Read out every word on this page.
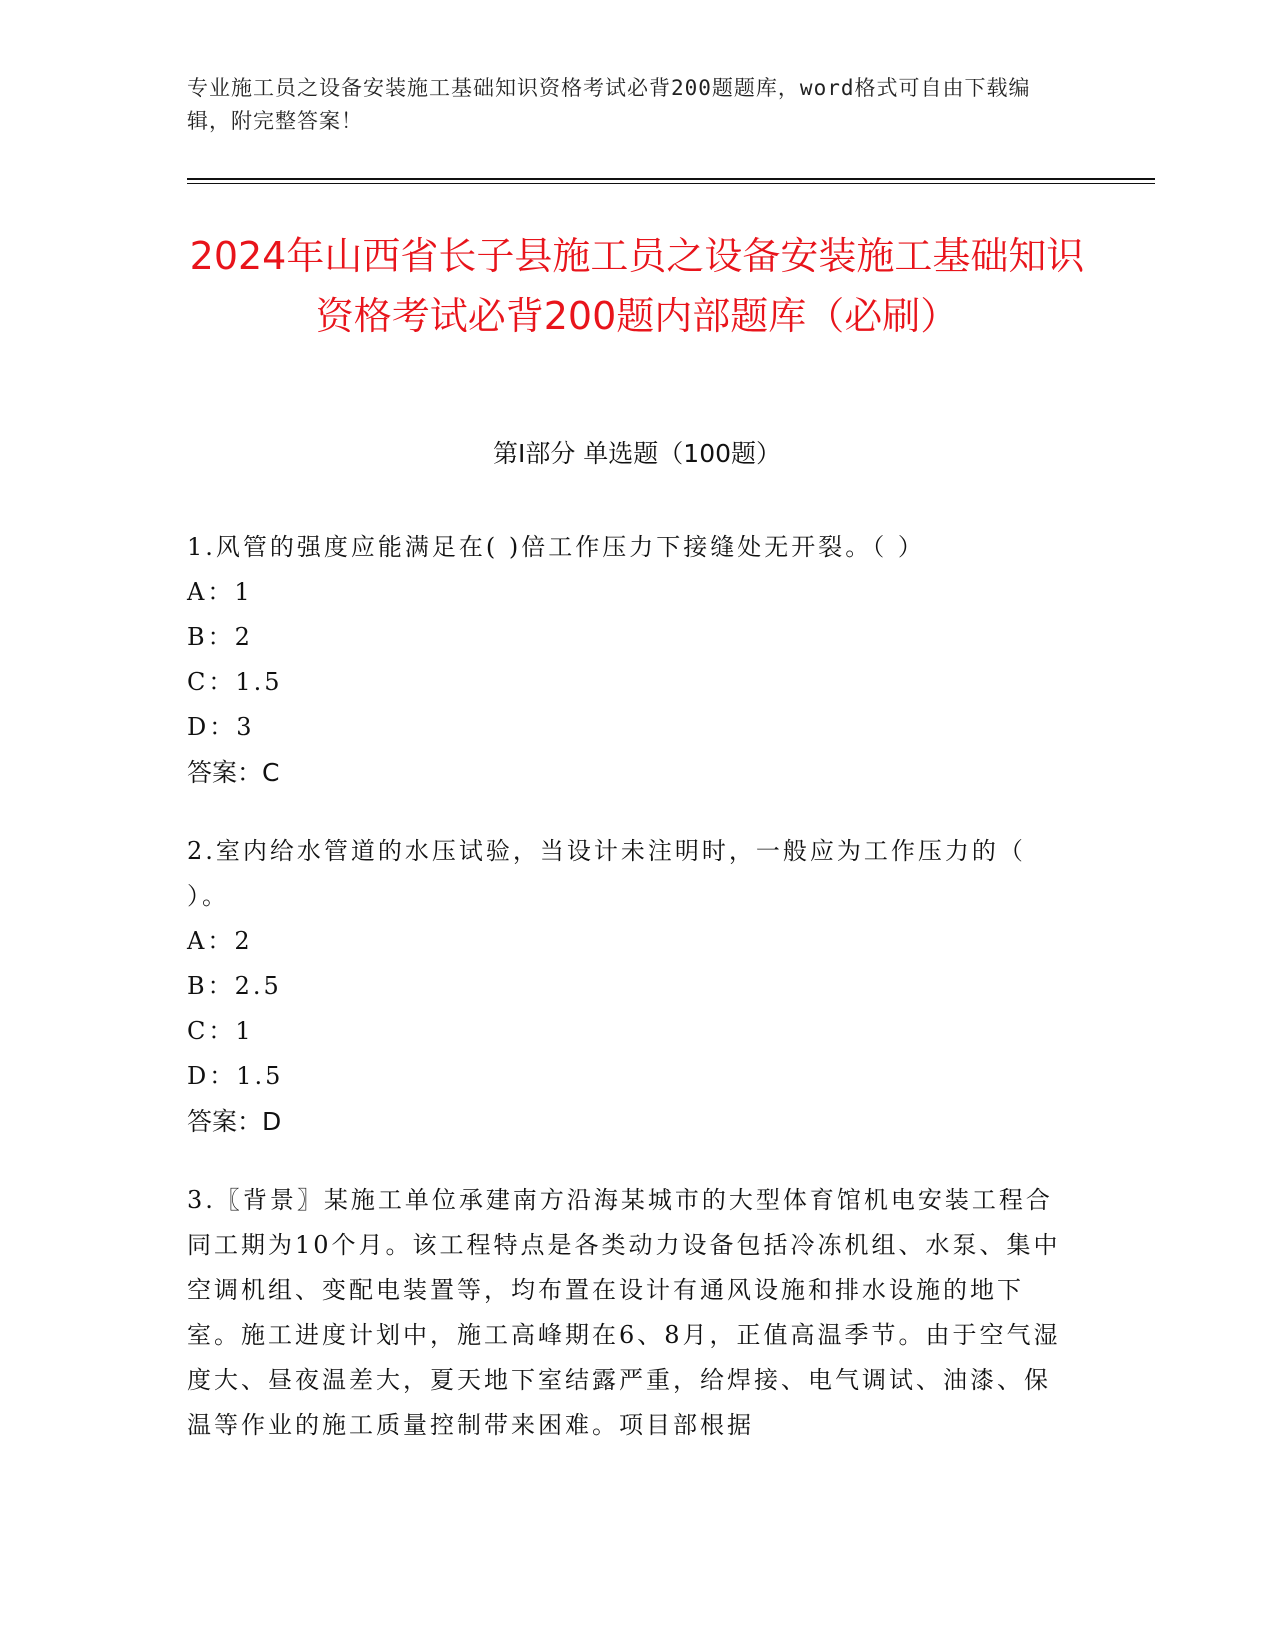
专业施工员之设备安装施工基础知识资格考试必背200题题库，word格式可自由下载编辑，附完整答案！
2024年山西省长子县施工员之设备安装施工基础知识资格考试必背200题内部题库（必刷）
第Ⅰ部分 单选题（100题）
1.风管的强度应能满足在( )倍工作压力下接缝处无开裂。（ ）
A：1
B：2
C：1.5
D：3
答案：C
2.室内给水管道的水压试验，当设计未注明时，一般应为工作压力的（ ）。
A：2
B：2.5
C：1
D：1.5
答案：D
3.〖背景〗某施工单位承建南方沿海某城市的大型体育馆机电安装工程合同工期为10个月。该工程特点是各类动力设备包括冷冻机组、水泵、集中空调机组、变配电装置等，均布置在设计有通风设施和排水设施的地下室。施工进度计划中，施工高峰期在6、8月，正值高温季节。由于空气湿度大、昼夜温差大，夏天地下室结露严重，给焊接、电气调试、油漆、保温等作业的施工质量控制带来困难。项目部根据
